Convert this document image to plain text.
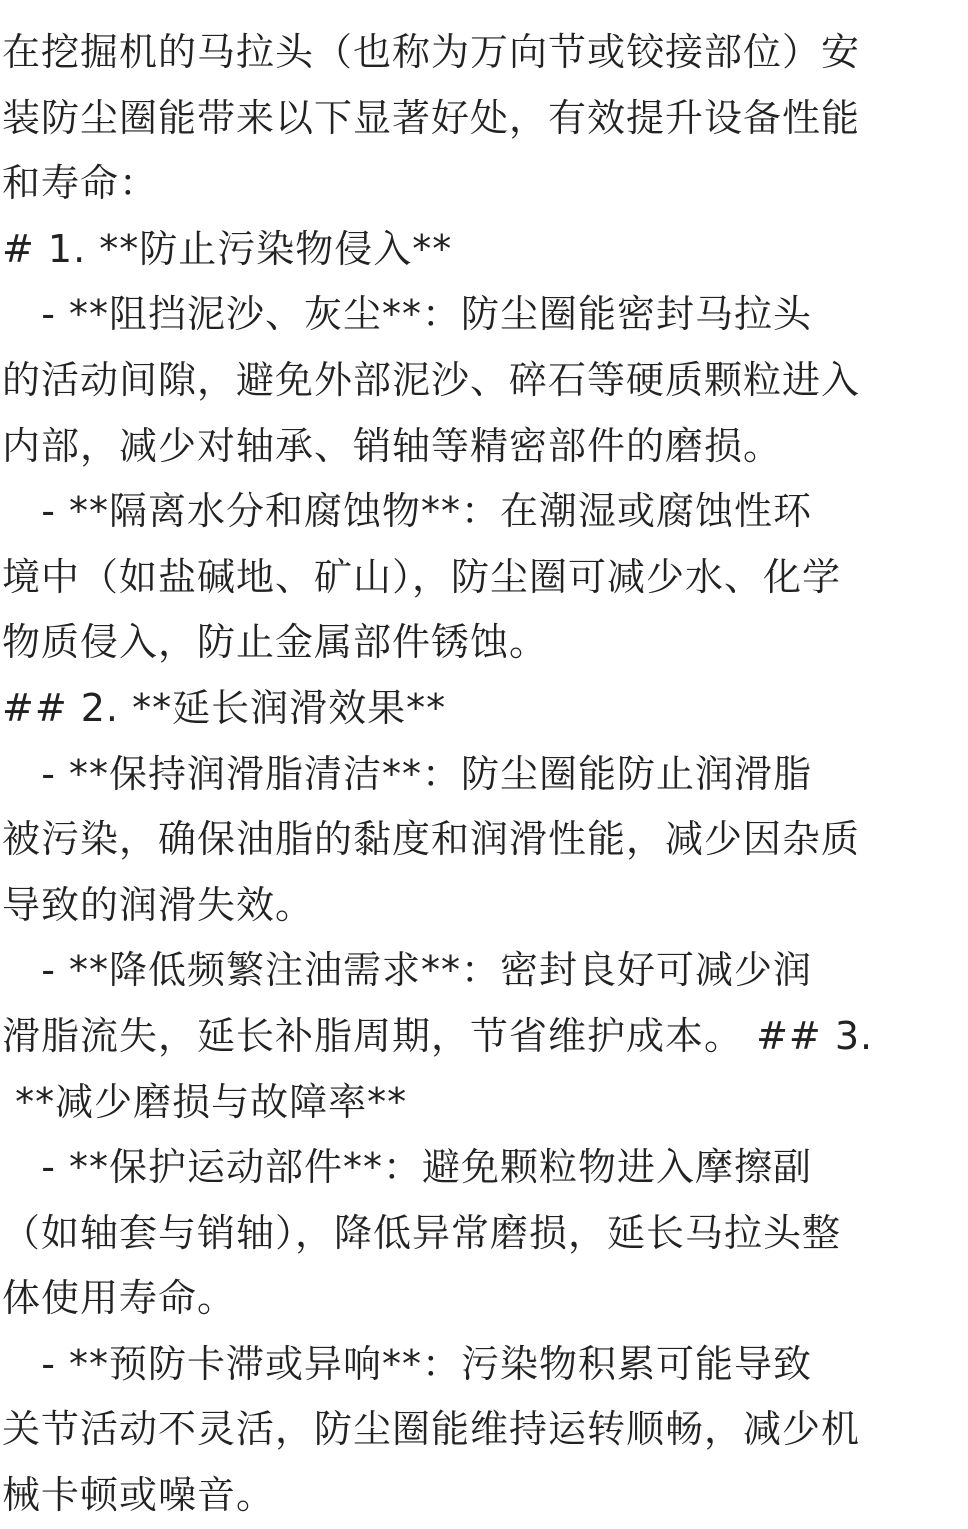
在挖掘机的马拉头（也称为万向节或铰接部位）安
装防尘圈能带来以下显著好处，有效提升设备性能
和寿命：
# 1. **防止污染物侵入**
- **阻挡泥沙、灰尘**：防尘圈能密封马拉头
的活动间隙，避免外部泥沙、碎石等硬质颗粒进入
内部，减少对轴承、销轴等精密部件的磨损。
- **隔离水分和腐蚀物**：在潮湿或腐蚀性环
境中（如盐碱地、矿山），防尘圈可减少水、化学
物质侵入，防止金属部件锈蚀。
## 2. **延长润滑效果**
- **保持润滑脂清洁**：防尘圈能防止润滑脂
被污染，确保油脂的黏度和润滑性能，减少因杂质
导致的润滑失效。
- **降低频繁注油需求**：密封良好可减少润
滑脂流失，延长补脂周期，节省维护成本。 ## 3.
**减少磨损与故障率**
- **保护运动部件**：避免颗粒物进入摩擦副
（如轴套与销轴），降低异常磨损，延长马拉头整
体使用寿命。
- **预防卡滞或异响**：污染物积累可能导致
关节活动不灵活，防尘圈能维持运转顺畅，减少机
械卡顿或噪音。
